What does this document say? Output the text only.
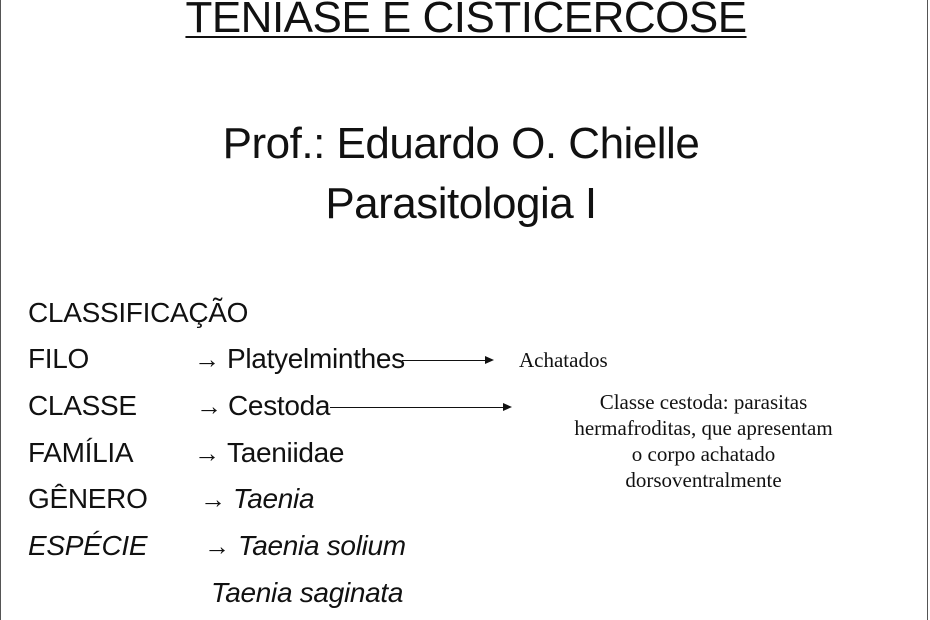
TENIASE E CISTICERCOSE
Prof.: Eduardo O. Chielle
Parasitologia I
CLASSIFICAÇÃO
FILO	→ Platyelminthes
CLASSE → Cestoda
FAMÍLIA → Taeniidae
GÊNERO → Taenia
ESPÉCIE → Taenia solium
Taenia saginata
Achatados
Classe cestoda: parasitas
hermafroditas, que apresentam
o corpo achatado
dorsoventralmente
